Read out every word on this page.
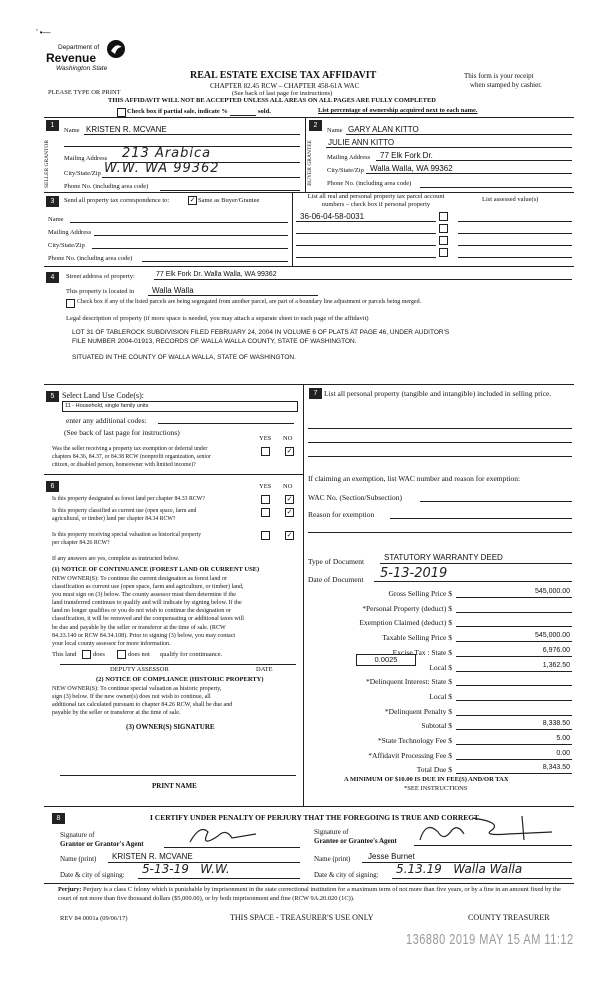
’ •—
Department of
Revenue
Washington State
REAL ESTATE EXCISE TAX AFFIDAVIT
CHAPTER 82.45 RCW – CHAPTER 458-61A WAC
(See back of last page for instructions)
PLEASE TYPE OR PRINT
THIS AFFIDAVIT WILL NOT BE ACCEPTED UNLESS ALL AREAS ON ALL PAGES ARE FULLY COMPLETED
This form is your receipt
when stamped by cashier.
Check box if partial sale, indicate %	sold.	List percentage of ownership acquired next to each name.
1
SELLER GRANTOR
Name KRISTEN R. MCVANE
Mailing Address 213 Arabica
City/State/Zip W.W. WA 99362
Phone No. (including area code)
2
BUYER GRANTEE
Name GARY ALAN KITTO
JULIE ANN KITTO
Mailing Address 77 Elk Fork Dr.
City/State/Zip Walla Walla, WA 99362
Phone No. (including area code)
3	Send all property tax correspondence to:	✓ Same as Buyer/Grantee
Name
Mailing Address
City/State/Zip
Phone No. (including area code)
List all real and personal property tax parcel account numbers – check box if personal property
List assessed value(s)
36-06-04-58-0031
4	Street address of property:	77 Elk Fork Dr. Walla Walla, WA 99362
This property is located in Walla Walla
Check box if any of the listed parcels are being segregated from another parcel, are part of a boundary line adjustment or parcels being merged.
Legal description of property (if more space is needed, you may attach a separate sheet to each page of the affidavit)
LOT 31 OF TABLEROCK SUBDIVISION FILED FEBRUARY 24, 2004 IN VOLUME 6 OF PLATS AT PAGE 46, UNDER AUDITOR'S
FILE NUMBER 2004-01913, RECORDS OF WALLA WALLA COUNTY, STATE OF WASHINGTON.
SITUATED IN THE COUNTY OF WALLA WALLA, STATE OF WASHINGTON.
5 Select Land Use Code(s):
11 - Household, single family units
enter any additional codes:
(See back of last page for instructions)
YES NO
Was the seller receiving a property tax exemption or deferral under
chapters 84.36, 84.37, or 84.38 RCW (nonprofit organization, senior
citizen, or disabled person, homeowner with limited income)?
✓
6	YES NO
Is this property designated as forest land per chapter 84.33 RCW?	✓
Is this property classified as current use (open space, farm and
agricultural, or timber) land per chapter 84.34 RCW?
✓
Is this property receiving special valuation as historical property
per chapter 84.26 RCW?
✓
If any answers are yes, complete as instructed below.
(1) NOTICE OF CONTINUANCE (FOREST LAND OR CURRENT USE)
NEW OWNER(S): To continue the current designation as forest land or
classification as current use (open space, farm and agriculture, or timber) land,
you must sign on (3) below. The county assessor must then determine if the
land transferred continues to qualify and will indicate by signing below. If the
land no longer qualifies or you do not wish to continue the designation or
classification, it will be removed and the compensating or additional taxes will
be due and payable by the seller or transferor at the time of sale. (RCW
84.33.140 or RCW 84.34.108). Prior to signing (3) below, you may contact
your local county assessor for more information.
This land	does	does not qualify for continuance.
DEPUTY ASSESSOR	DATE
(2) NOTICE OF COMPLIANCE (HISTORIC PROPERTY)
NEW OWNER(S): To continue special valuation as historic property,
sign (3) below. If the new owner(s) does not wish to continue, all
additional tax calculated pursuant to chapter 84.26 RCW, shall be due and
payable by the seller or transferor at the time of sale.
(3) OWNER(S) SIGNATURE
PRINT NAME
7 List all personal property (tangible and intangible) included in selling price.
If claiming an exemption, list WAC number and reason for exemption:
WAC No. (Section/Subsection)
Reason for exemption
Type of Document STATUTORY WARRANTY DEED
Date of Document 5-13-2019
Gross Selling Price $	545,000.00
*Personal Property (deduct) $
Exemption Claimed (deduct) $
Taxable Selling Price $	545,000.00
Excise Tax : State $	6,976.00
Local $	1,362.50
*Delinquent Interest: State $
Local $
*Delinquent Penalty $
Subtotal $	8,338.50
*State Technology Fee $	5.00
*Affidavit Processing Fee $	0.00
Total Due $	8,343.50
0.0025
A MINIMUM OF $10.00 IS DUE IN FEE(S) AND/OR TAX
*SEE INSTRUCTIONS
8	I CERTIFY UNDER PENALTY OF PERJURY THAT THE FOREGOING IS TRUE AND CORRECT.
Signature of
Grantor or Grantor's Agent
Name (print) KRISTEN R. MCVANE
Date & city of signing: 5-13-19   W.W.
Signature of
Grantee or Grantee's Agent
Name (print) Jesse Burnet
Date & city of signing: 5.13.19   Walla Walla
Perjury: Perjury is a class C felony which is punishable by imprisonment in the state correctional institution for a maximum term of not more than five years, or by a fine in an amount fixed by the court of not more than five thousand dollars ($5,000.00), or by both imprisonment and fine (RCW 9A.20.020 (1C)).
REV 84 0001a (09/06/17)	THIS SPACE - TREASURER'S USE ONLY	COUNTY TREASURER
136880 2019 MAY 15 AM 11:12
